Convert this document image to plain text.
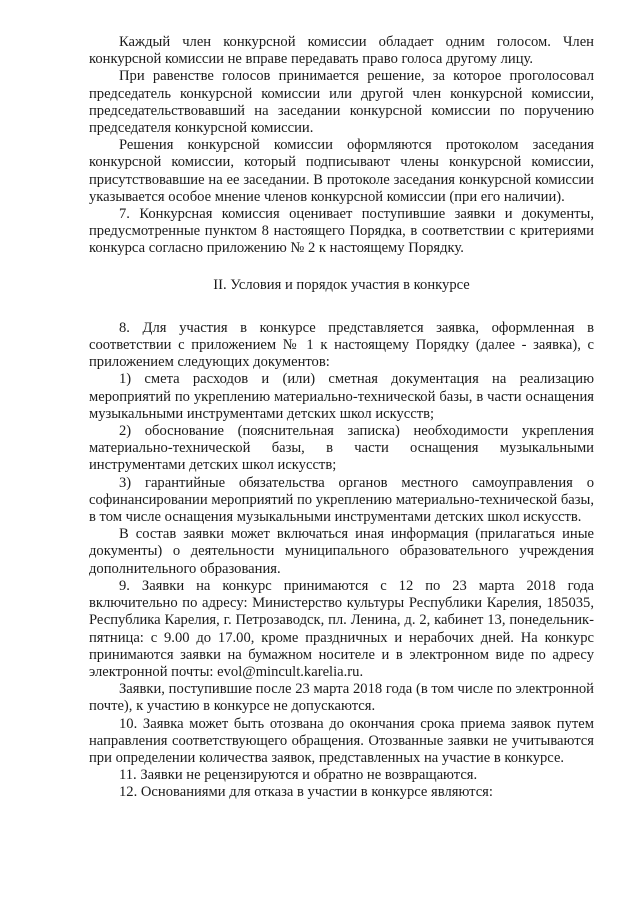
Каждый член конкурсной комиссии обладает одним голосом. Член конкурсной комиссии не вправе передавать право голоса другому лицу.

При равенстве голосов принимается решение, за которое проголосовал председатель конкурсной комиссии или другой член конкурсной комиссии, председательствовавший на заседании конкурсной комиссии по поручению председателя конкурсной комиссии.

Решения конкурсной комиссии оформляются протоколом заседания конкурсной комиссии, который подписывают члены конкурсной комиссии, присутствовавшие на ее заседании. В протоколе заседания конкурсной комиссии указывается особое мнение членов конкурсной комиссии (при его наличии).

7. Конкурсная комиссия оценивает поступившие заявки и документы, предусмотренные пунктом 8 настоящего Порядка, в соответствии с критериями конкурса согласно приложению № 2 к настоящему Порядку.

II. Условия и порядок участия в конкурсе

8. Для участия в конкурсе представляется заявка, оформленная в соответствии с приложением № 1 к настоящему Порядку (далее - заявка), с приложением следующих документов:

1) смета расходов и (или) сметная документация на реализацию мероприятий по укреплению материально-технической базы, в части оснащения музыкальными инструментами детских школ искусств;

2) обоснование (пояснительная записка) необходимости укрепления материально-технической базы, в части оснащения музыкальными инструментами детских школ искусств;

3) гарантийные обязательства органов местного самоуправления о софинансировании мероприятий по укреплению материально-технической базы, в том числе оснащения музыкальными инструментами детских школ искусств.

В состав заявки может включаться иная информация (прилагаться иные документы) о деятельности муниципального образовательного учреждения дополнительного образования.

9. Заявки на конкурс принимаются с 12 по 23 марта 2018 года включительно по адресу: Министерство культуры Республики Карелия, 185035, Республика Карелия, г. Петрозаводск, пл. Ленина, д. 2, кабинет 13, понедельник-пятница: с 9.00 до 17.00, кроме праздничных и нерабочих дней. На конкурс принимаются заявки на бумажном носителе и в электронном виде по адресу электронной почты: evol@mincult.karelia.ru.

Заявки, поступившие после 23 марта 2018 года (в том числе по электронной почте), к участию в конкурсе не допускаются.

10. Заявка может быть отозвана до окончания срока приема заявок путем направления соответствующего обращения. Отозванные заявки не учитываются при определении количества заявок, представленных на участие в конкурсе.

11. Заявки не рецензируются и обратно не возвращаются.

12. Основаниями для отказа в участии в конкурсе являются:
